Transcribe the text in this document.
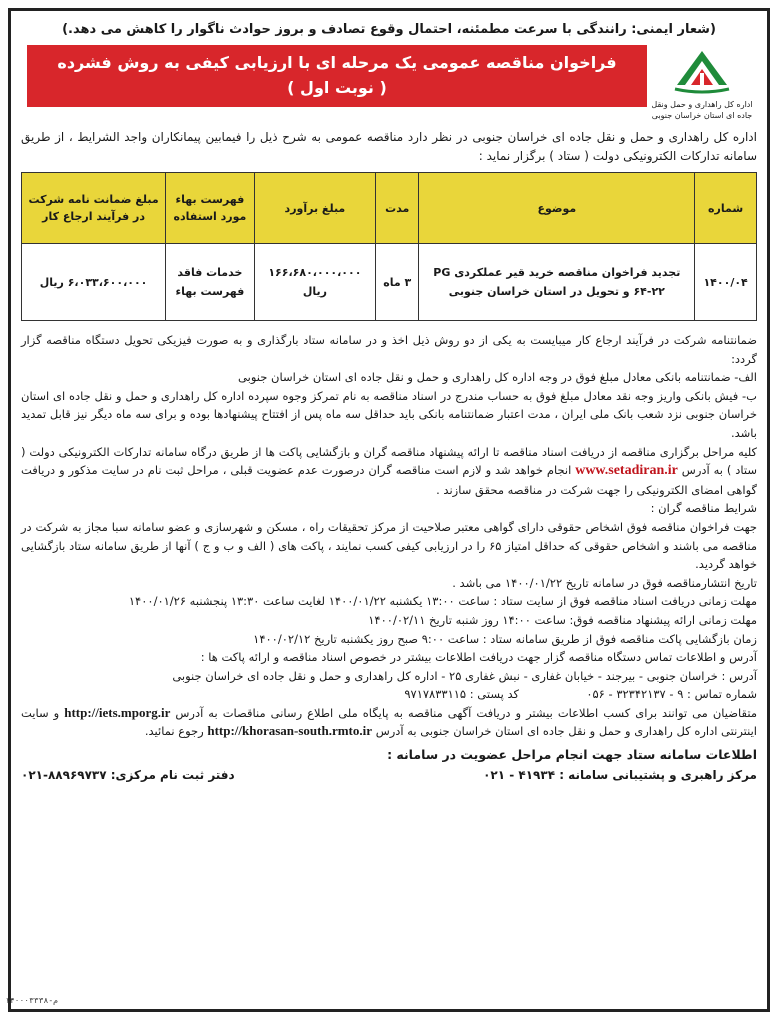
(شعار ایمنی: رانندگی با سرعت مطمئنه، احتمال وقوع تصادف و بروز حوادث ناگوار را کاهش می دهد.)
اداره کل راهداری و حمل ونقل جاده ای استان خراسان جنوبی
فراخوان مناقصه عمومی یک مرحله ای با ارزیابی کیفی به روش فشرده
( نوبت اول )
اداره کل راهداری و حمل و نقل جاده ای خراسان جنوبی در نظر دارد مناقصه عمومی به شرح ذیل را فیمابین پیمانکاران واجد الشرایط ، از طریق سامانه تدارکات الکترونیکی دولت ( ستاد ) برگزار نماید :
شماره	موضوع	مدت	مبلغ برآورد	فهرست بهاء مورد استفاده	مبلغ ضمانت نامه شرکت در فرآیند ارجاع کار
۱۴۰۰/۰۴	تجدید فراخوان مناقصه خرید قیر عملکردی PG ۶۴-۲۲ و تحویل در استان خراسان جنوبی	۳ ماه	۱۶۶،۶۸۰،۰۰۰،۰۰۰ ریال	خدمات فاقد فهرست بهاء	۶،۰۳۳،۶۰۰،۰۰۰ ریال

ضمانتنامه شرکت در فرآیند ارجاع کار میبایست به یکی از دو روش ذیل اخذ و در سامانه ستاد بارگذاری و به صورت فیزیکی تحویل دستگاه مناقصه گزار گردد:

الف- ضمانتنامه بانکی معادل مبلغ فوق در وجه اداره کل راهداری و حمل و نقل جاده ای استان خراسان جنوبی

ب- فیش بانکی واریز وجه نقد معادل مبلغ فوق به حساب مندرج در اسناد مناقصه به نام تمرکز وجوه سپرده اداره کل راهداری و حمل و نقل جاده ای استان خراسان جنوبی نزد شعب بانک ملی ایران ، مدت اعتبار ضمانتنامه بانکی باید حداقل سه ماه پس از افتتاح پیشنهادها بوده و برای سه ماه دیگر نیز قابل تمدید باشد.

کلیه مراحل برگزاری مناقصه از دریافت اسناد مناقصه تا ارائه پیشنهاد مناقصه گران و بازگشایی پاکت ها از طریق درگاه سامانه تدارکات الکترونیکی دولت ( ستاد ) به آدرس www.setadiran.ir انجام خواهد شد و لازم است مناقصه گران درصورت عدم عضویت قبلی ، مراحل ثبت نام در سایت مذکور و دریافت گواهی امضای الکترونیکی را جهت شرکت در مناقصه محقق سازند .

شرایط مناقصه گران :

جهت فراخوان مناقصه فوق اشخاص حقوقی دارای گواهی معتبر صلاحیت از مرکز تحقیقات راه ، مسکن و شهرسازی و عضو سامانه سبا مجاز به شرکت در مناقصه می باشند و اشخاص حقوقی که حداقل امتیاز ۶۵ را در ارزیابی کیفی کسب نمایند ، پاکت های ( الف و ب و ج ) آنها از طریق سامانه ستاد بازگشایی خواهد گردید.

تاریخ انتشارمناقصه فوق در سامانه تاریخ ۱۴۰۰/۰۱/۲۲ می باشد .

مهلت زمانی دریافت اسناد مناقصه فوق از سایت ستاد : ساعت ۱۳:۰۰ یکشنبه ۱۴۰۰/۰۱/۲۲ لغایت ساعت ۱۳:۳۰ پنجشنبه ۱۴۰۰/۰۱/۲۶

مهلت زمانی ارائه پیشنهاد مناقصه فوق: ساعت ۱۴:۰۰ روز شنبه تاریخ ۱۴۰۰/۰۲/۱۱

زمان بازگشایی پاکت مناقصه فوق از طریق سامانه ستاد : ساعت ۹:۰۰ صبح روز یکشنبه تاریخ ۱۴۰۰/۰۲/۱۲

آدرس و اطلاعات تماس دستگاه مناقصه گزار جهت دریافت اطلاعات بیشتر در خصوص اسناد مناقصه و ارائه پاکت ها :

آدرس : خراسان جنوبی - بیرجند - خیابان غفاری - نبش غفاری ۲۵ - اداره کل راهداری و حمل و نقل جاده ای خراسان جنوبی

شماره تماس : ۹ - ۳۲۳۴۲۱۳۷ - ۰۵۶  کد پستی : ۹۷۱۷۸۳۳۱۱۵

متقاضیان می توانند برای کسب اطلاعات بیشتر و دریافت آگهی مناقصه به پایگاه ملی اطلاع رسانی مناقصات به آدرس http://iets.mporg.ir و سایت اینترنتی اداره کل راهداری و حمل و نقل جاده ای استان خراسان جنوبی به آدرس http://khorasan-south.rmto.ir رجوع نمائید.

اطلاعات سامانه ستاد جهت انجام مراحل عضویت در سامانه :
مرکز راهبری و پشتیبانی سامانه : ۴۱۹۳۴ - ۰۲۱
دفتر ثبت نام مرکزی: ۸۸۹۶۹۷۳۷-۰۲۱
۱۴۰۰۰۳۳۳۸-م
